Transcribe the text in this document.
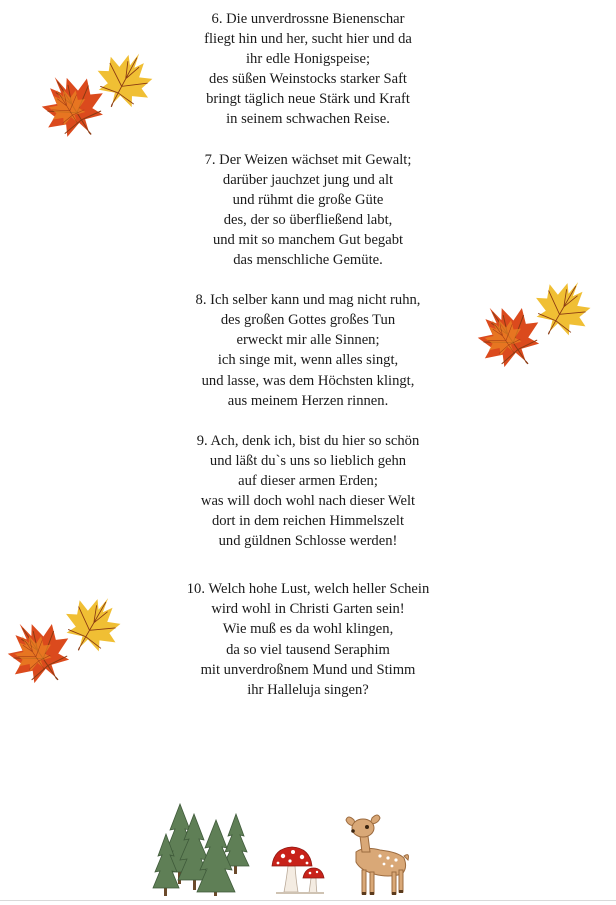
6. Die unverdrossne Bienenschar
fliegt hin und her, sucht hier und da
ihr edle Honigspeise;
des süßen Weinstocks starker Saft
bringt täglich neue Stärk und Kraft
in seinem schwachen Reise.
7. Der Weizen wächset mit Gewalt;
darüber jauchzet jung und alt
und rühmt die große Güte
des, der so überfließend labt,
und mit so manchem Gut begabt
das menschliche Gemüte.
8. Ich selber kann und mag nicht ruhn,
des großen Gottes großes Tun
erweckt mir alle Sinnen;
ich singe mit, wenn alles singt,
und lasse, was dem Höchsten klingt,
aus meinem Herzen rinnen.
9. Ach, denk ich, bist du hier so schön
und läßt du`s uns so lieblich gehn
auf dieser armen Erden;
was will doch wohl nach dieser Welt
dort in dem reichen Himmelszelt
und güldnen Schlosse werden!
10. Welch hohe Lust, welch heller Schein
wird wohl in Christi Garten sein!
Wie muß es da wohl klingen,
da so viel tausend Seraphim
mit unverdroßnem Mund und Stimm
ihr Halleluja singen?
